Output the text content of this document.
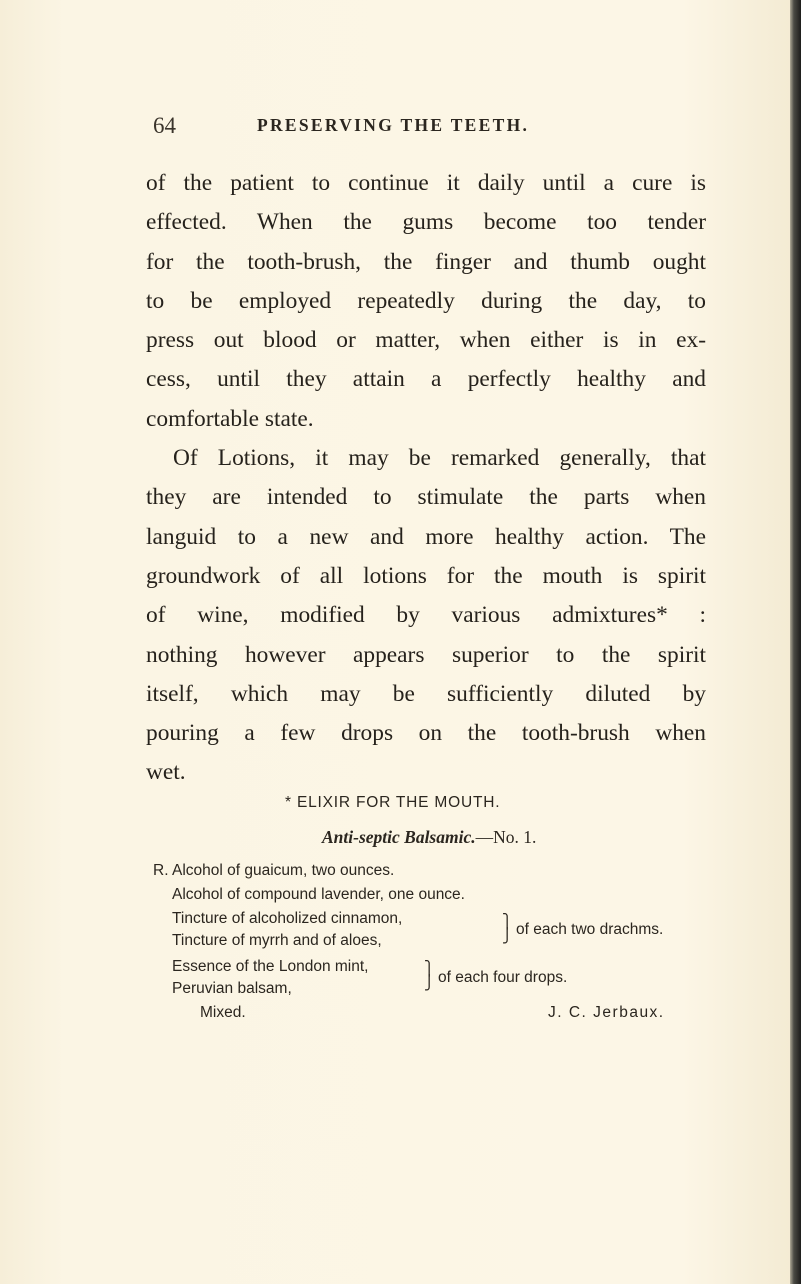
64	PRESERVING THE TEETH.
of the patient to continue it daily until a cure is
effected. When the gums become too tender
for the tooth-brush, the finger and thumb ought
to be employed repeatedly during the day, to
press out blood or matter, when either is in ex-
cess, until they attain a perfectly healthy and
comfortable state.
Of Lotions, it may be remarked generally, that
they are intended to stimulate the parts when
languid to a new and more healthy action. The
groundwork of all lotions for the mouth is spirit
of wine, modified by various admixtures* :
nothing however appears superior to the spirit
itself, which may be sufficiently diluted by
pouring a few drops on the tooth-brush when
wet.
* ELIXIR FOR THE MOUTH.
Anti-septic Balsamic.—No. 1.
R. Alcohol of guaicum, two ounces.
Alcohol of compound lavender, one ounce.
Tincture of alcoholized cinnamon,
Tincture of myrrh and of aloes,
⎫
⎭ of each two drachms.
Essence of the London mint,
Peruvian balsam,
⎫
⎭ of each four drops.
Mixed.	J. C. Jerbaux.
